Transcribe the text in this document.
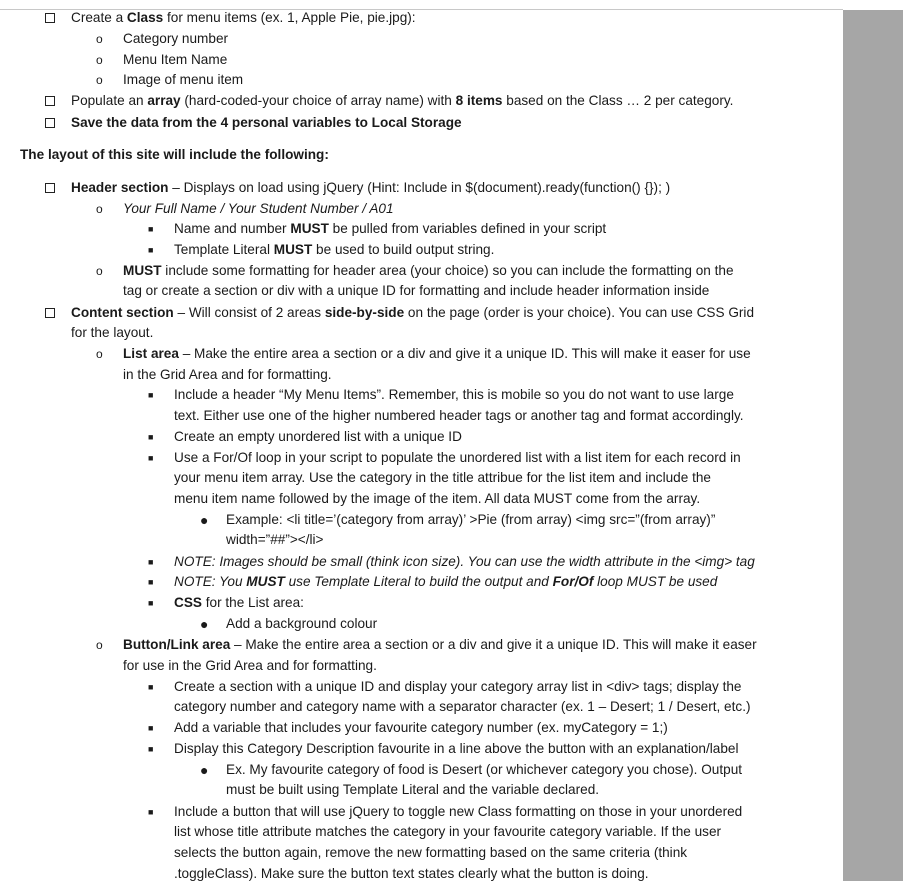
Create a Class for menu items (ex. 1, Apple Pie, pie.jpg):
o Category number
o Menu Item Name
o Image of menu item
Populate an array (hard-coded-your choice of array name) with 8 items based on the Class … 2 per category.
Save the data from the 4 personal variables to Local Storage
The layout of this site will include the following:
Header section – Displays on load using jQuery (Hint: Include in $(document).ready(function() {}); )
o Your Full Name / Your Student Number / A01
■ Name and number MUST be pulled from variables defined in your script
■ Template Literal MUST be used to build output string.
o MUST include some formatting for header area (your choice) so you can include the formatting on the
tag or create a section or div with a unique ID for formatting and include header information inside
Content section – Will consist of 2 areas side-by-side on the page (order is your choice). You can use CSS Grid
for the layout.
o List area – Make the entire area a section or a div and give it a unique ID. This will make it easer for use
in the Grid Area and for formatting.
■ Include a header “My Menu Items”. Remember, this is mobile so you do not want to use large
text. Either use one of the higher numbered header tags or another tag and format accordingly.
■ Create an empty unordered list with a unique ID
■ Use a For/Of loop in your script to populate the unordered list with a list item for each record in
your menu item array. Use the category in the title attribue for the list item and include the
menu item name followed by the image of the item. All data MUST come from the array.
● Example: <li title=’(category from array)’ >Pie (from array) <img src=”(from array)”
width=”##”></li>
■ NOTE: Images should be small (think icon size). You can use the width attribute in the <img> tag
■ NOTE: You MUST use Template Literal to build the output and For/Of loop MUST be used
■ CSS for the List area:
● Add a background colour
o Button/Link area – Make the entire area a section or a div and give it a unique ID. This will make it easer
for use in the Grid Area and for formatting.
■ Create a section with a unique ID and display your category array list in <div> tags; display the
category number and category name with a separator character (ex. 1 – Desert; 1 / Desert, etc.)
■ Add a variable that includes your favourite category number (ex. myCategory = 1;)
■ Display this Category Description favourite in a line above the button with an explanation/label
● Ex. My favourite category of food is Desert (or whichever category you chose). Output
must be built using Template Literal and the variable declared.
■ Include a button that will use jQuery to toggle new Class formatting on those in your unordered
list whose title attribute matches the category in your favourite category variable. If the user
selects the button again, remove the new formatting based on the same criteria (think
.toggleClass). Make sure the button text states clearly what the button is doing.
